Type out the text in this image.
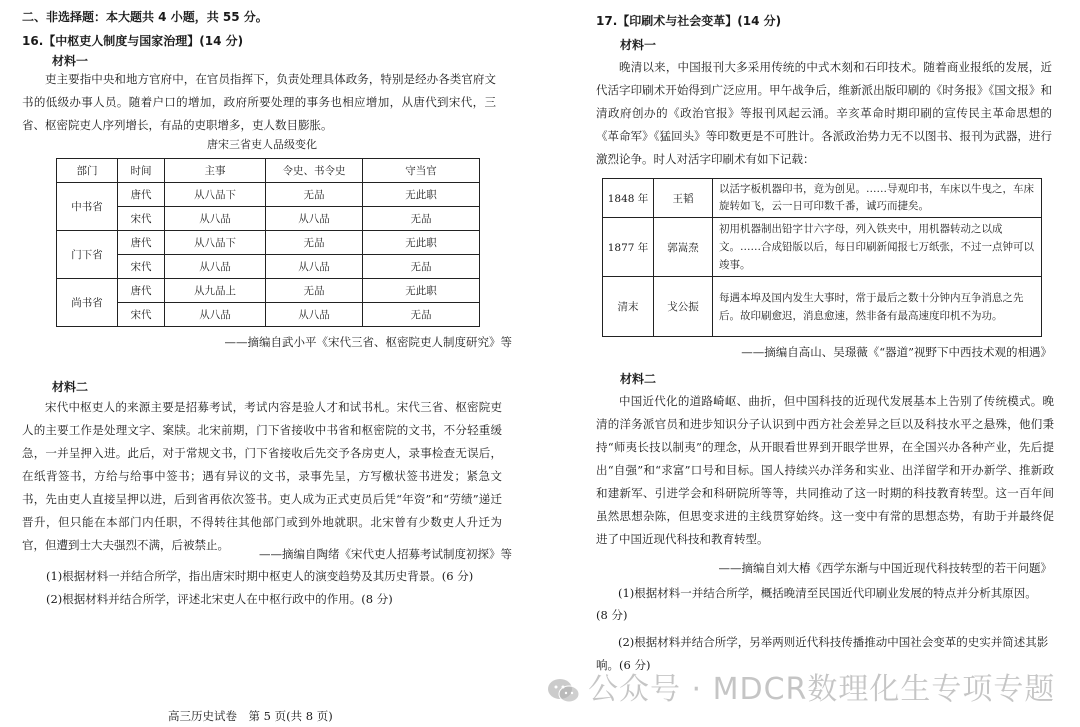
二、非选择题：本大题共 4 小题，共 55 分。
16.【中枢吏人制度与国家治理】(14 分)
材料一

吏主要指中央和地方官府中，在官员指挥下，负责处理具体政务，特别是经办各类官府文书的低级办事人员。随着户口的增加，政府所要处理的事务也相应增加，从唐代到宋代，三省、枢密院吏人序列增长，有品的吏职增多，吏人数目膨胀。

唐宋三省吏人品级变化
部门	时间	主事	令史、书令史	守当官
中书省	唐代	从八品下	无品	无此职
	宋代	从八品	从八品	无品
门下省	唐代	从八品下	无品	无此职
	宋代	从八品	从八品	无品
尚书省	唐代	从九品上	无品	无此职
	宋代	从八品	从八品	无品

——摘编自武小平《宋代三省、枢密院吏人制度研究》等

材料二

宋代中枢吏人的来源主要是招募考试，考试内容是验人才和试书札。宋代三省、枢密院吏人的主要工作是处理文字、案牍。北宋前期，门下省接收中书省和枢密院的文书，不分轻重缓急，一并呈押入进。此后，对于常规文书，门下省接收后先交予各房吏人，录事检查无误后，在纸背签书，方给与给事中签书；遇有异议的文书，录事先呈，方写檄状签书进发；紧急文书，先由吏人直接呈押以进，后到省再依次签书。吏人成为正式吏员后凭“年资”和“劳绩”递迁晋升，但只能在本部门内任职，不得转往其他部门或到外地就职。北宋曾有少数吏人升迁为官，但遭到士大夫强烈不满，后被禁止。

——摘编自陶绪《宋代吏人招募考试制度初探》等

(1)根据材料一并结合所学，指出唐宋时期中枢吏人的演变趋势及其历史背景。(6 分)

(2)根据材料并结合所学，评述北宋吏人在中枢行政中的作用。(8 分)

17.【印刷术与社会变革】(14 分)
材料一

晚清以来，中国报刊大多采用传统的中式木刻和石印技术。随着商业报纸的发展，近代活字印刷术开始得到广泛应用。甲午战争后，维新派出版印刷的《时务报》《国文报》和清政府创办的《政治官报》等报刊风起云涌。辛亥革命时期印刷的宣传民主革命思想的《革命军》《猛回头》等印数更是不可胜计。各派政治势力无不以图书、报刊为武器，进行激烈论争。时人对活字印刷术有如下记载：

1848 年	王韬	以活字板机器印书，竟为创见。……导观印书，车床以牛曳之，车床旋转如飞，云一日可印数千番，诚巧而捷矣。
1877 年	郭嵩焘	初用机器制出铅字廿六字母，列入铁夹中，用机器转动之以成文。……合成铅版以后，每日印刷新闻报七万纸张，不过一点钟可以竣事。
清末	戈公振	每遇本埠及国内发生大事时，常于最后之数十分钟内互争消息之先后。故印刷愈迟，消息愈速，然非备有最高速度印机不为功。

——摘编自高山、吴璟薇《“器道”视野下中西技术观的相遇》

材料二

中国近代化的道路崎岖、曲折，但中国科技的近现代发展基本上告别了传统模式。晚清的洋务派官员和进步知识分子认识到中西方社会差异之巨以及科技水平之悬殊，他们秉持“师夷长技以制夷”的理念，从开眼看世界到开眼学世界，在全国兴办各种产业，先后提出“自强”和“求富”口号和目标。国人持续兴办洋务和实业、出洋留学和开办新学、推新政和建新军、引进学会和科研院所等等，共同推动了这一时期的科技教育转型。这一百年间虽然思想杂陈，但思变求进的主线贯穿始终。这一变中有常的思想态势，有助于并最终促进了中国近现代科技和教育转型。

——摘编自刘大椿《西学东渐与中国近现代科技转型的若干问题》

(1)根据材料一并结合所学，概括晚清至民国近代印刷业发展的特点并分析其原因。

(8 分)

(2)根据材料并结合所学，另举两则近代科技传播推动中国社会变革的史实并简述其影响。(6 分)

高三历史试卷　第 5 页(共 8 页)
公众号 · MDCR数理化生专项专题
